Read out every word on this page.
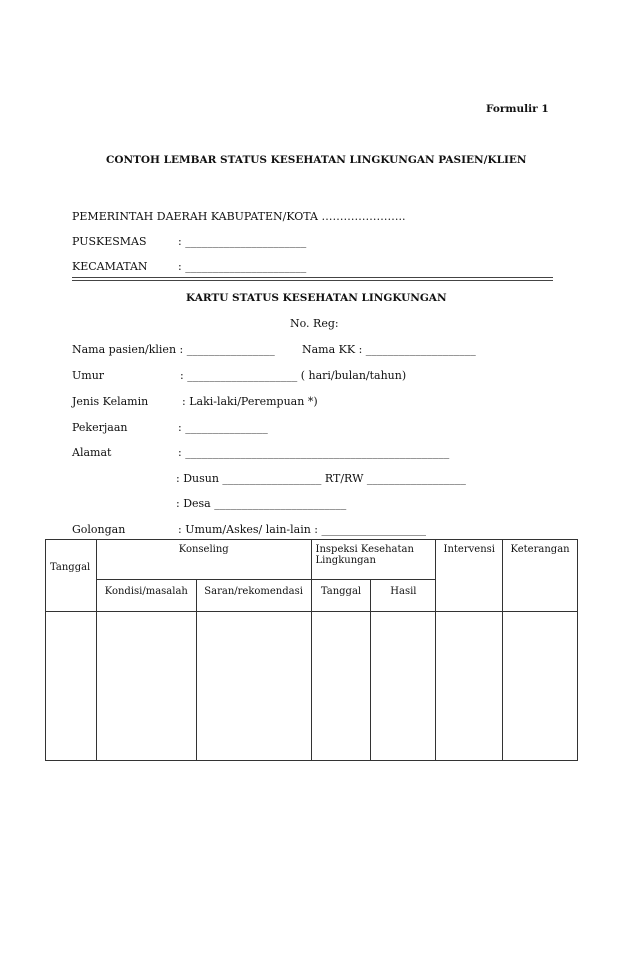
Formulir 1
CONTOH LEMBAR STATUS KESEHATAN LINGKUNGAN PASIEN/KLIEN
PEMERINTAH DAERAH KABUPATEN/KOTA …………………..
PUSKESMAS	: ______________________
KECAMATAN	: ______________________
KARTU STATUS KESEHATAN LINGKUNGAN
No. Reg:
Nama pasien/klien : ________________ Nama KK : ____________________
Umur	: ____________________ ( hari/bulan/tahun)
Jenis Kelamin	: Laki-laki/Perempuan *)
Pekerjaan	: _______________
Alamat	: ________________________________________________
: Dusun __________________ RT/RW __________________
: Desa ________________________
Golongan	: Umum/Askes/ lain-lain : ___________________
Tanggal	Konseling		Inspeksi Kesehatan Lingkungan		Intervensi	Keterangan

	Kondisi/masalah	Saran/rekomendasi	Tanggal	Hasil		
